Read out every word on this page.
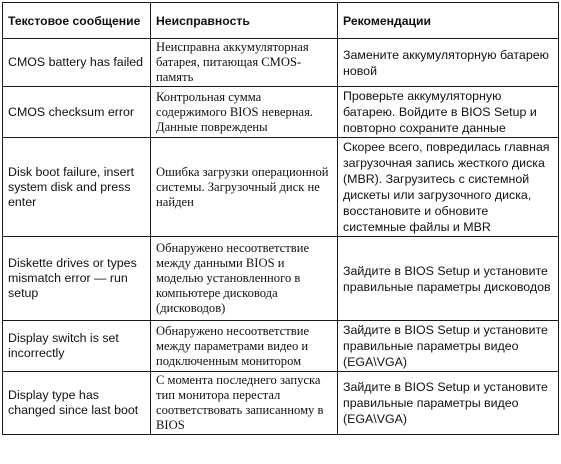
Текстовое сообщение	Неисправность	Рекомендации
CMOS battery has failed	Неисправна аккумуляторная батарея, питающая CMOS-память	Замените аккумуляторную батарею новой
CMOS checksum error	Контрольная сумма содержимого BIOS неверная. Данные повреждены	Проверьте аккумуляторную батарею. Войдите в BIOS Setup и повторно сохраните данные
Disk boot failure, insert system disk and press enter	Ошибка загрузки операционной системы. Загрузочный диск не найден	Скорее всего, повредилась главная загрузочная запись жесткого диска (MBR). Загрузитесь с системной дискеты или загрузочного диска, восстановите и обновите системные файлы и MBR
Diskette drives or types mismatch error — run setup	Обнаружено несоответствие между данными BIOS и моделью установленного в компьютере дисковода (дисководов)	Зайдите в BIOS Setup и установите правильные параметры дисководов
Display switch is set incorrectly	Обнаружено несоответствие между параметрами видео и подключенным монитором	Зайдите в BIOS Setup и установите правильные параметры видео (EGA\VGA)
Display type has changed since last boot	С момента последнего запуска тип монитора перестал соответствовать записанному в BIOS	Зайдите в BIOS Setup и установите правильные параметры видео (EGA\VGA)
